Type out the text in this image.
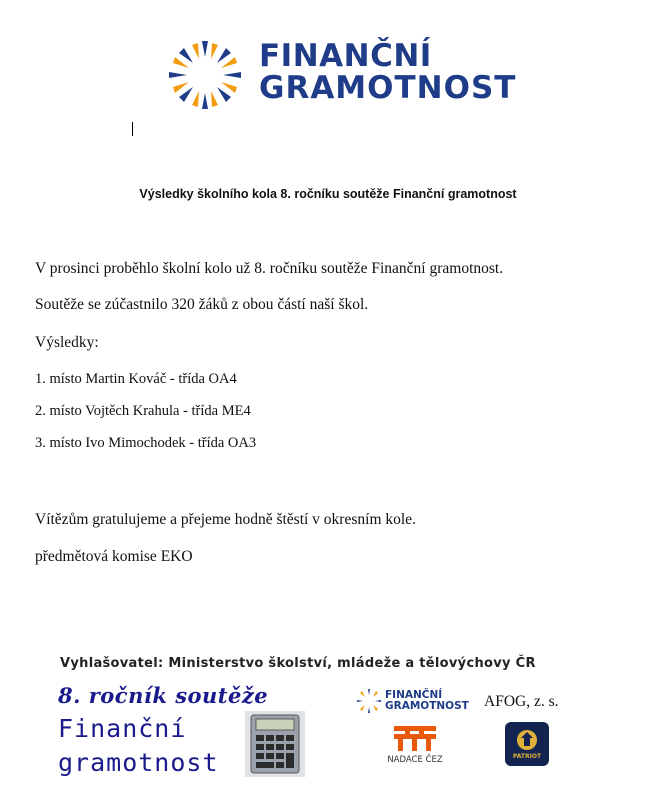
FINANČNÍ
GRAMOTNOST
Výsledky školního kola 8. ročníku soutěže Finanční gramotnost
V prosinci proběhlo školní kolo už 8. ročníku soutěže Finanční gramotnost.
Soutěže se zúčastnilo 320 žáků z obou částí naší škol.
Výsledky:
1. místo Martin Kováč - třída OA4
2. místo Vojtěch Krahula - třída ME4
3. místo Ivo Mimochodek - třída OA3
Vítězům gratulujeme a přejeme hodně štěstí v okresním kole.
předmětová komise EKO
Vyhlašovatel: Ministerstvo školství, mládeže a tělovýchovy ČR
8. ročník soutěže
Finanční
gramotnost
FINANČNÍ
GRAMOTNOST AFOG, z. s.
NADACE ČEZ	PATRIOT
